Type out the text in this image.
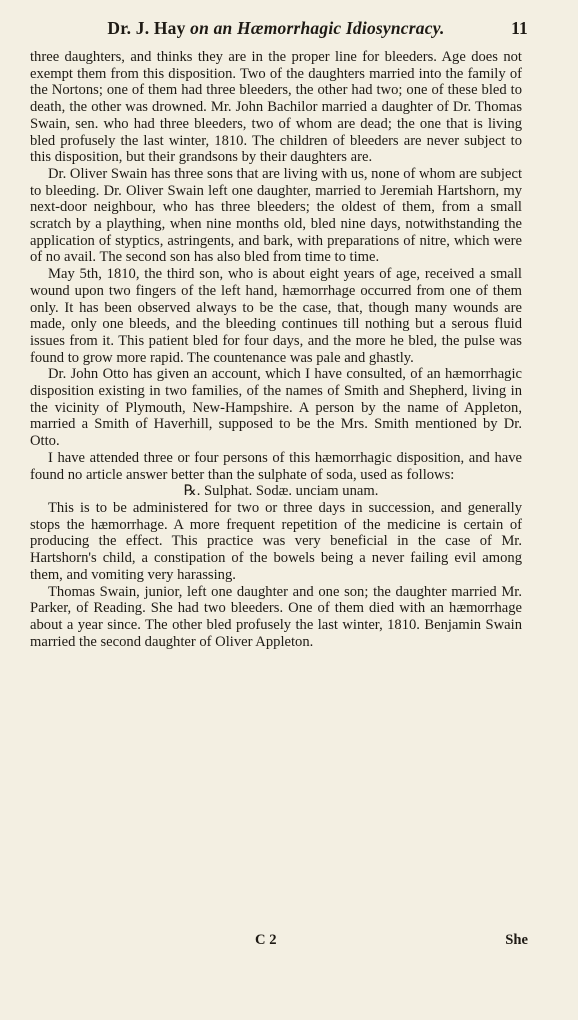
Dr. J. Hay on an Hæmorrhagic Idiosyncracy.	11

three daughters, and thinks they are in the proper line for bleeders. Age does not exempt them from this disposition. Two of the daughters married into the family of the Nortons; one of them had three bleeders, the other had two; one of these bled to death, the other was drowned. Mr. John Bachilor married a daughter of Dr. Thomas Swain, sen. who had three bleeders, two of whom are dead; the one that is living bled profusely the last winter, 1810. The children of bleeders are never subject to this disposition, but their grandsons by their daughters are.

Dr. Oliver Swain has three sons that are living with us, none of whom are subject to bleeding. Dr. Oliver Swain left one daughter, married to Jeremiah Hartshorn, my next-door neighbour, who has three bleeders; the oldest of them, from a small scratch by a plaything, when nine months old, bled nine days, notwithstanding the application of styptics, astringents, and bark, with preparations of nitre, which were of no avail. The second son has also bled from time to time.

May 5th, 1810, the third son, who is about eight years of age, received a small wound upon two fingers of the left hand, hæmorrhage occurred from one of them only. It has been observed always to be the case, that, though many wounds are made, only one bleeds, and the bleeding continues till nothing but a serous fluid issues from it. This patient bled for four days, and the more he bled, the pulse was found to grow more rapid. The countenance was pale and ghastly.

Dr. John Otto has given an account, which I have consulted, of an hæmorrhagic disposition existing in two families, of the names of Smith and Shepherd, living in the vicinity of Plymouth, New-Hampshire. A person by the name of Appleton, married a Smith of Haverhill, supposed to be the Mrs. Smith mentioned by Dr. Otto.

I have attended three or four persons of this hæmorrhagic disposition, and have found no article answer better than the sulphate of soda, used as follows:

℞. Sulphat. Sodæ. unciam unam.

This is to be administered for two or three days in succession, and generally stops the hæmorrhage. A more frequent repetition of the medicine is certain of producing the effect. This practice was very beneficial in the case of Mr. Hartshorn's child, a constipation of the bowels being a never failing evil among them, and vomiting very harassing.

Thomas Swain, junior, left one daughter and one son; the daughter married Mr. Parker, of Reading. She had two bleeders. One of them died with an hæmorrhage about a year since. The other bled profusely the last winter, 1810. Benjamin Swain married the second daughter of Oliver Appleton.

C 2	She
